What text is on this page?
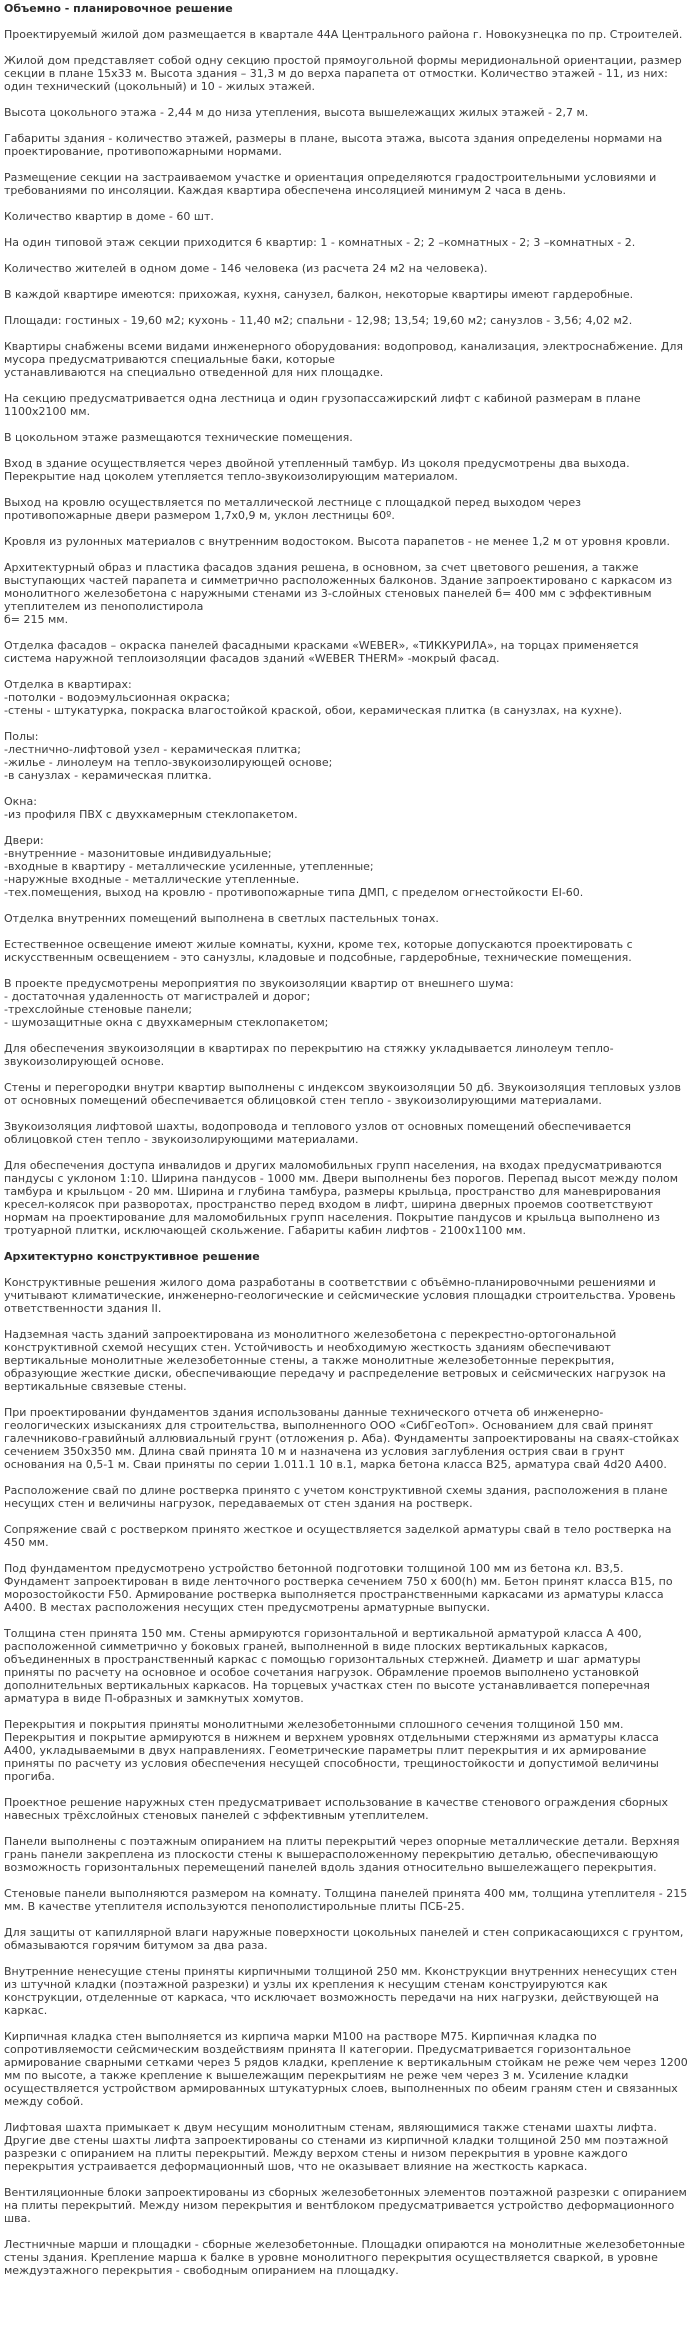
Объемно - планировочное решение

Проектируемый жилой дом размещается в квартале 44А Центрального района г. Новокузнецка по пр. Строителей.

Жилой дом представляет собой одну секцию простой прямоугольной формы меридиональной ориентации, размер секции в плане 15х33 м. Высота здания – 31,3 м до верха парапета от отмостки. Количество этажей - 11, из них: один технический (цокольный) и 10 - жилых этажей.

Высота цокольного этажа - 2,44 м до низа утепления, высота вышележащих жилых этажей - 2,7 м.

Габариты здания - количество этажей, размеры в плане, высота этажа, высота здания определены нормами на проектирование, противопожарными нормами.

Размещение секции на застраиваемом участке и ориентация определяются градостроительными условиями и требованиями по инсоляции. Каждая квартира обеспечена инсоляцией минимум 2 часа в день.

Количество квартир в доме - 60 шт.

На один типовой этаж секции приходится 6 квартир: 1 - комнатных - 2; 2 –комнатных - 2; 3 –комнатных - 2.

Количество жителей в одном доме - 146 человека (из расчета 24 м2 на человека).

В каждой квартире имеются: прихожая, кухня, санузел, балкон, некоторые квартиры имеют гардеробные.

Площади: гостиных - 19,60 м2; кухонь - 11,40 м2; спальни - 12,98; 13,54; 19,60 м2; санузлов - 3,56; 4,02 м2.

Квартиры снабжены всеми видами инженерного оборудования: водопровод, канализация, электроснабжение. Для мусора предусматриваются специальные баки, которые
устанавливаются на специально отведенной для них площадке.

На секцию предусматривается одна лестница и один грузопассажирский лифт с кабиной размерам в плане 1100х2100 мм.

В цокольном этаже размещаются технические помещения.

Вход в здание осуществляется через двойной утепленный тамбур. Из цоколя предусмотрены два выхода. Перекрытие над цоколем утепляется тепло-звукоизолирующим материалом.

Выход на кровлю осуществляется по металлической лестнице с площадкой перед выходом через противопожарные двери размером 1,7х0,9 м, уклон лестницы 60º.

Кровля из рулонных материалов с внутренним водостоком. Высота парапетов - не менее 1,2 м от уровня кровли.

Архитектурный образ и пластика фасадов здания решена, в основном, за счет цветового решения, а также выступающих частей парапета и симметрично расположенных балконов. Здание запроектировано с каркасом из монолитного железобетона с наружными стенами из 3-слойных стеновых панелей б= 400 мм с эффективным утеплителем из пенополистирола
б= 215 мм.

Отделка фасадов – окраска панелей фасадными красками «WEBER», «ТИККУРИЛА», на торцах применяется система наружной теплоизоляции фасадов зданий «WEBER THERM» -мокрый фасад.

Отделка в квартирах:
-потолки - водоэмульсионная окраска;
-стены - штукатурка, покраска влагостойкой краской, обои, керамическая плитка (в санузлах, на кухне).

Полы:
-лестнично-лифтовой узел - керамическая плитка;
-жилье - линолеум на тепло-звукоизолирующей основе;
-в санузлах - керамическая плитка.

Окна:
-из профиля ПВХ с двухкамерным стеклопакетом.

Двери:
-внутренние - мазонитовые индивидуальные;
-входные в квартиру - металлические усиленные, утепленные;
-наружные входные - металлические утепленные.
-тех.помещения, выход на кровлю - противопожарные типа ДМП, с пределом огнестойкости EI-60.

Отделка внутренних помещений выполнена в светлых пастельных тонах.

Естественное освещение имеют жилые комнаты, кухни, кроме тех, которые допускаются проектировать с искусственным освещением - это санузлы, кладовые и подсобные, гардеробные, технические помещения.

В проекте предусмотрены мероприятия по звукоизоляции квартир от внешнего шума:
- достаточная удаленность от магистралей и дорог;
-трехслойные стеновые панели;
- шумозащитные окна с двухкамерным стеклопакетом;

Для обеспечения звукоизоляции в квартирах по перекрытию на стяжку укладывается линолеум тепло-звукоизолирующей основе.

Стены и перегородки внутри квартир выполнены с индексом звукоизоляции 50 дб. Звукоизоляция тепловых узлов от основных помещений обеспечивается облицовкой стен тепло - звукоизолирующими материалами.

Звукоизоляция лифтовой шахты, водопровода и теплового узлов от основных помещений обеспечивается облицовкой стен тепло - звукоизолирующими материалами.

Для обеспечения доступа инвалидов и других маломобильных групп населения, на входах предусматриваются пандусы с уклоном 1:10. Ширина пандусов - 1000 мм. Двери выполнены без порогов. Перепад высот между полом тамбура и крыльцом - 20 мм. Ширина и глубина тамбура, размеры крыльца, пространство для маневрирования кресел-колясок при разворотах, пространство перед входом в лифт, ширина дверных проемов соответствуют нормам на проектирование для маломобильных групп населения. Покрытие пандусов и крыльца выполнено из тротуарной плитки, исключающей скольжение. Габариты кабин лифтов - 2100х1100 мм.

Архитектурно конструктивное решение

Конструктивные решения жилого дома разработаны в соответствии с объёмно-планировочными решениями и учитывают климатические, инженерно-геологические и сейсмические условия площадки строительства. Уровень ответственности здания II.

Надземная часть зданий запроектирована из монолитного железобетона с перекрестно-ортогональной конструктивной схемой несущих стен. Устойчивость и необходимую жесткость зданиям обеспечивают вертикальные монолитные железобетонные стены, а также монолитные железобетонные перекрытия, образующие жесткие диски, обеспечивающие передачу и распределение ветровых и сейсмических нагрузок на вертикальные связевые стены.

При проектировании фундаментов здания использованы данные технического отчета об инженерно-геологических изысканиях для строительства, выполненного ООО «СибГеоТоп». Основанием для свай принят галечниково-гравийный аллювиальный грунт (отложения р. Аба). Фундаменты запроектированы на сваях-стойках сечением 350х350 мм. Длина свай принята 10 м и назначена из условия заглубления острия сваи в грунт основания на 0,5-1 м. Сваи приняты по серии 1.011.1 10 в.1, марка бетона класса В25, арматура свай 4d20 А400.

Расположение свай по длине ростверка принято с учетом конструктивной схемы здания, расположения в плане несущих стен и величины нагрузок, передаваемых от стен здания на ростверк.

Сопряжение свай с ростверком принято жесткое и осуществляется заделкой арматуры свай в тело ростверка на 450 мм.

Под фундаментом предусмотрено устройство бетонной подготовки толщиной 100 мм из бетона кл. В3,5. Фундамент запроектирован в виде ленточного ростверка сечением 750 х 600(h) мм. Бетон принят класса В15, по морозостойкости F50. Армирование ростверка выполняется пространственными каркасами из арматуры класса А400. В местах расположения несущих стен предусмотрены арматурные выпуски.

Толщина стен принята 150 мм. Стены армируются горизонтальной и вертикальной арматурой класса А 400, расположенной симметрично у боковых граней, выполненной в виде плоских вертикальных каркасов, объединенных в пространственный каркас с помощью горизонтальных стержней. Диаметр и шаг арматуры приняты по расчету на основное и особое сочетания нагрузок. Обрамление проемов выполнено установкой дополнительных вертикальных каркасов. На торцевых участках стен по высоте устанавливается поперечная арматура в виде П-образных и замкнутых хомутов.

Перекрытия и покрытия приняты монолитными железобетонными сплошного сечения толщиной 150 мм. Перекрытия и покрытие армируются в нижнем и верхнем уровнях отдельными стержнями из арматуры класса А400, укладываемыми в двух направлениях. Геометрические параметры плит перекрытия и их армирование приняты по расчету из условия обеспечения несущей способности, трещиностойкости и допустимой величины прогиба.

Проектное решение наружных стен предусматривает использование в качестве стенового ограждения сборных навесных трёхслойных стеновых панелей с эффективным утеплителем.

Панели выполнены с поэтажным опиранием на плиты перекрытий через опорные металлические детали. Верхняя грань панели закреплена из плоскости стены к вышерасположенному перекрытию деталью, обеспечивающую возможность горизонтальных перемещений панелей вдоль здания относительно вышележащего перекрытия.

Стеновые панели выполняются размером на комнату. Толщина панелей принята 400 мм, толщина утеплителя - 215 мм. В качестве утеплителя используются пенополистирольные плиты ПСБ-25.

Для защиты от капиллярной влаги наружные поверхности цокольных панелей и стен соприкасающихся с грунтом, обмазываются горячим битумом за два раза.

Внутренние ненесущие стены приняты кирпичными толщиной 250 мм. Кконструкции внутренних ненесущих стен из штучной кладки (поэтажной разрезки) и узлы их крепления к несущим стенам конструируются как конструкции, отделенные от каркаса, что исключает возможность передачи на них нагрузки, действующей на каркас.

Кирпичная кладка стен выполняется из кирпича марки М100 на растворе М75. Кирпичная кладка по сопротивляемости сейсмическим воздействиям принята II категории. Предусматривается горизонтальное армирование сварными сетками через 5 рядов кладки, крепление к вертикальным стойкам не реже чем через 1200 мм по высоте, а также крепление к вышележащим перекрытиям не реже чем через 3 м. Усиление кладки осуществляется устройством армированных штукатурных слоев, выполненных по обеим граням стен и связанных между собой.

Лифтовая шахта примыкает к двум несущим монолитным стенам, являющимися также стенами шахты лифта. Другие две стены шахты лифта запроектированы со стенами из кирпичной кладки толщиной 250 мм поэтажной разрезки с опиранием на плиты перекрытий. Между верхом стены и низом перекрытия в уровне каждого перекрытия устраивается деформационный шов, что не оказывает влияние на жесткость каркаса.

Вентиляционные блоки запроектированы из сборных железобетонных элементов поэтажной разрезки с опиранием на плиты перекрытий. Между низом перекрытия и вентблоком предусматривается устройство деформационного шва.

Лестничные марши и площадки - сборные железобетонные. Площадки опираются на монолитные железобетонные стены здания. Крепление марша к балке в уровне монолитного перекрытия осуществляется сваркой, в уровне междуэтажного перекрытия - свободным опиранием на площадку.
